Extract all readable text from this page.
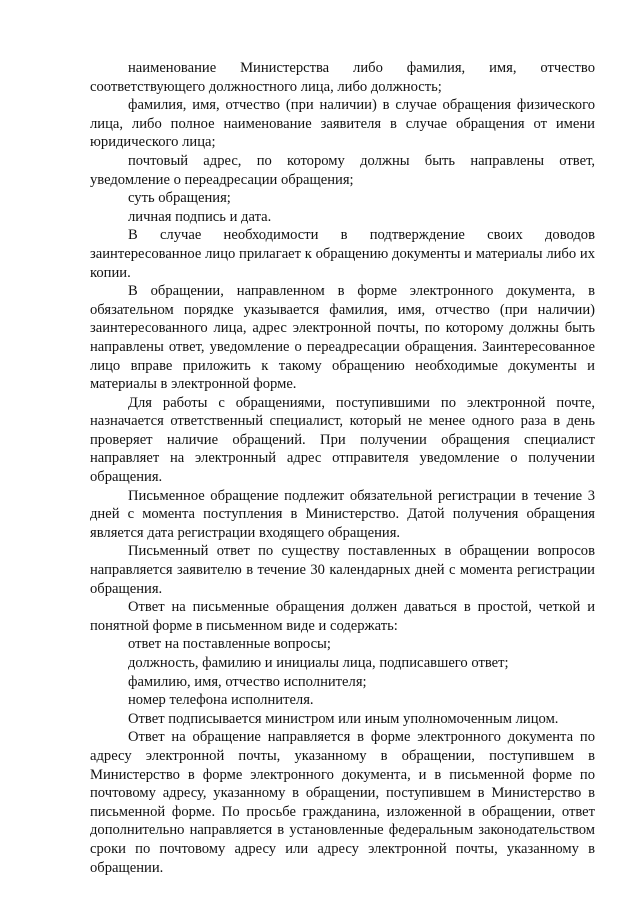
наименование Министерства либо фамилия, имя, отчество соответствующего должностного лица, либо должность;

фамилия, имя, отчество (при наличии) в случае обращения физического лица, либо полное наименование заявителя в случае обращения от имени юридического лица;

почтовый адрес, по которому должны быть направлены ответ, уведомление о переадресации обращения;

суть обращения;

личная подпись и дата.

В случае необходимости в подтверждение своих доводов заинтересованное лицо прилагает к обращению документы и материалы либо их копии.

В обращении, направленном в форме электронного документа, в обязательном порядке указывается фамилия, имя, отчество (при наличии) заинтересованного лица, адрес электронной почты, по которому должны быть направлены ответ, уведомление о переадресации обращения. Заинтересованное лицо вправе приложить к такому обращению необходимые документы и материалы в электронной форме.

Для работы с обращениями, поступившими по электронной почте, назначается ответственный специалист, который не менее одного раза в день проверяет наличие обращений. При получении обращения специалист направляет на электронный адрес отправителя уведомление о получении обращения.

Письменное обращение подлежит обязательной регистрации в течение 3 дней с момента поступления в Министерство. Датой получения обращения является дата регистрации входящего обращения.

Письменный ответ по существу поставленных в обращении вопросов направляется заявителю в течение 30 календарных дней с момента регистрации обращения.

Ответ на письменные обращения должен даваться в простой, четкой и понятной форме в письменном виде и содержать:

ответ на поставленные вопросы;

должность, фамилию и инициалы лица, подписавшего ответ;

фамилию, имя, отчество исполнителя;

номер телефона исполнителя.

Ответ подписывается министром или иным уполномоченным лицом.

Ответ на обращение направляется в форме электронного документа по адресу электронной почты, указанному в обращении, поступившем в Министерство в форме электронного документа, и в письменной форме по почтовому адресу, указанному в обращении, поступившем в Министерство в письменной форме. По просьбе гражданина, изложенной в обращении, ответ дополнительно направляется в установленные федеральным законодательством сроки по почтовому адресу или адресу электронной почты, указанному в обращении.
